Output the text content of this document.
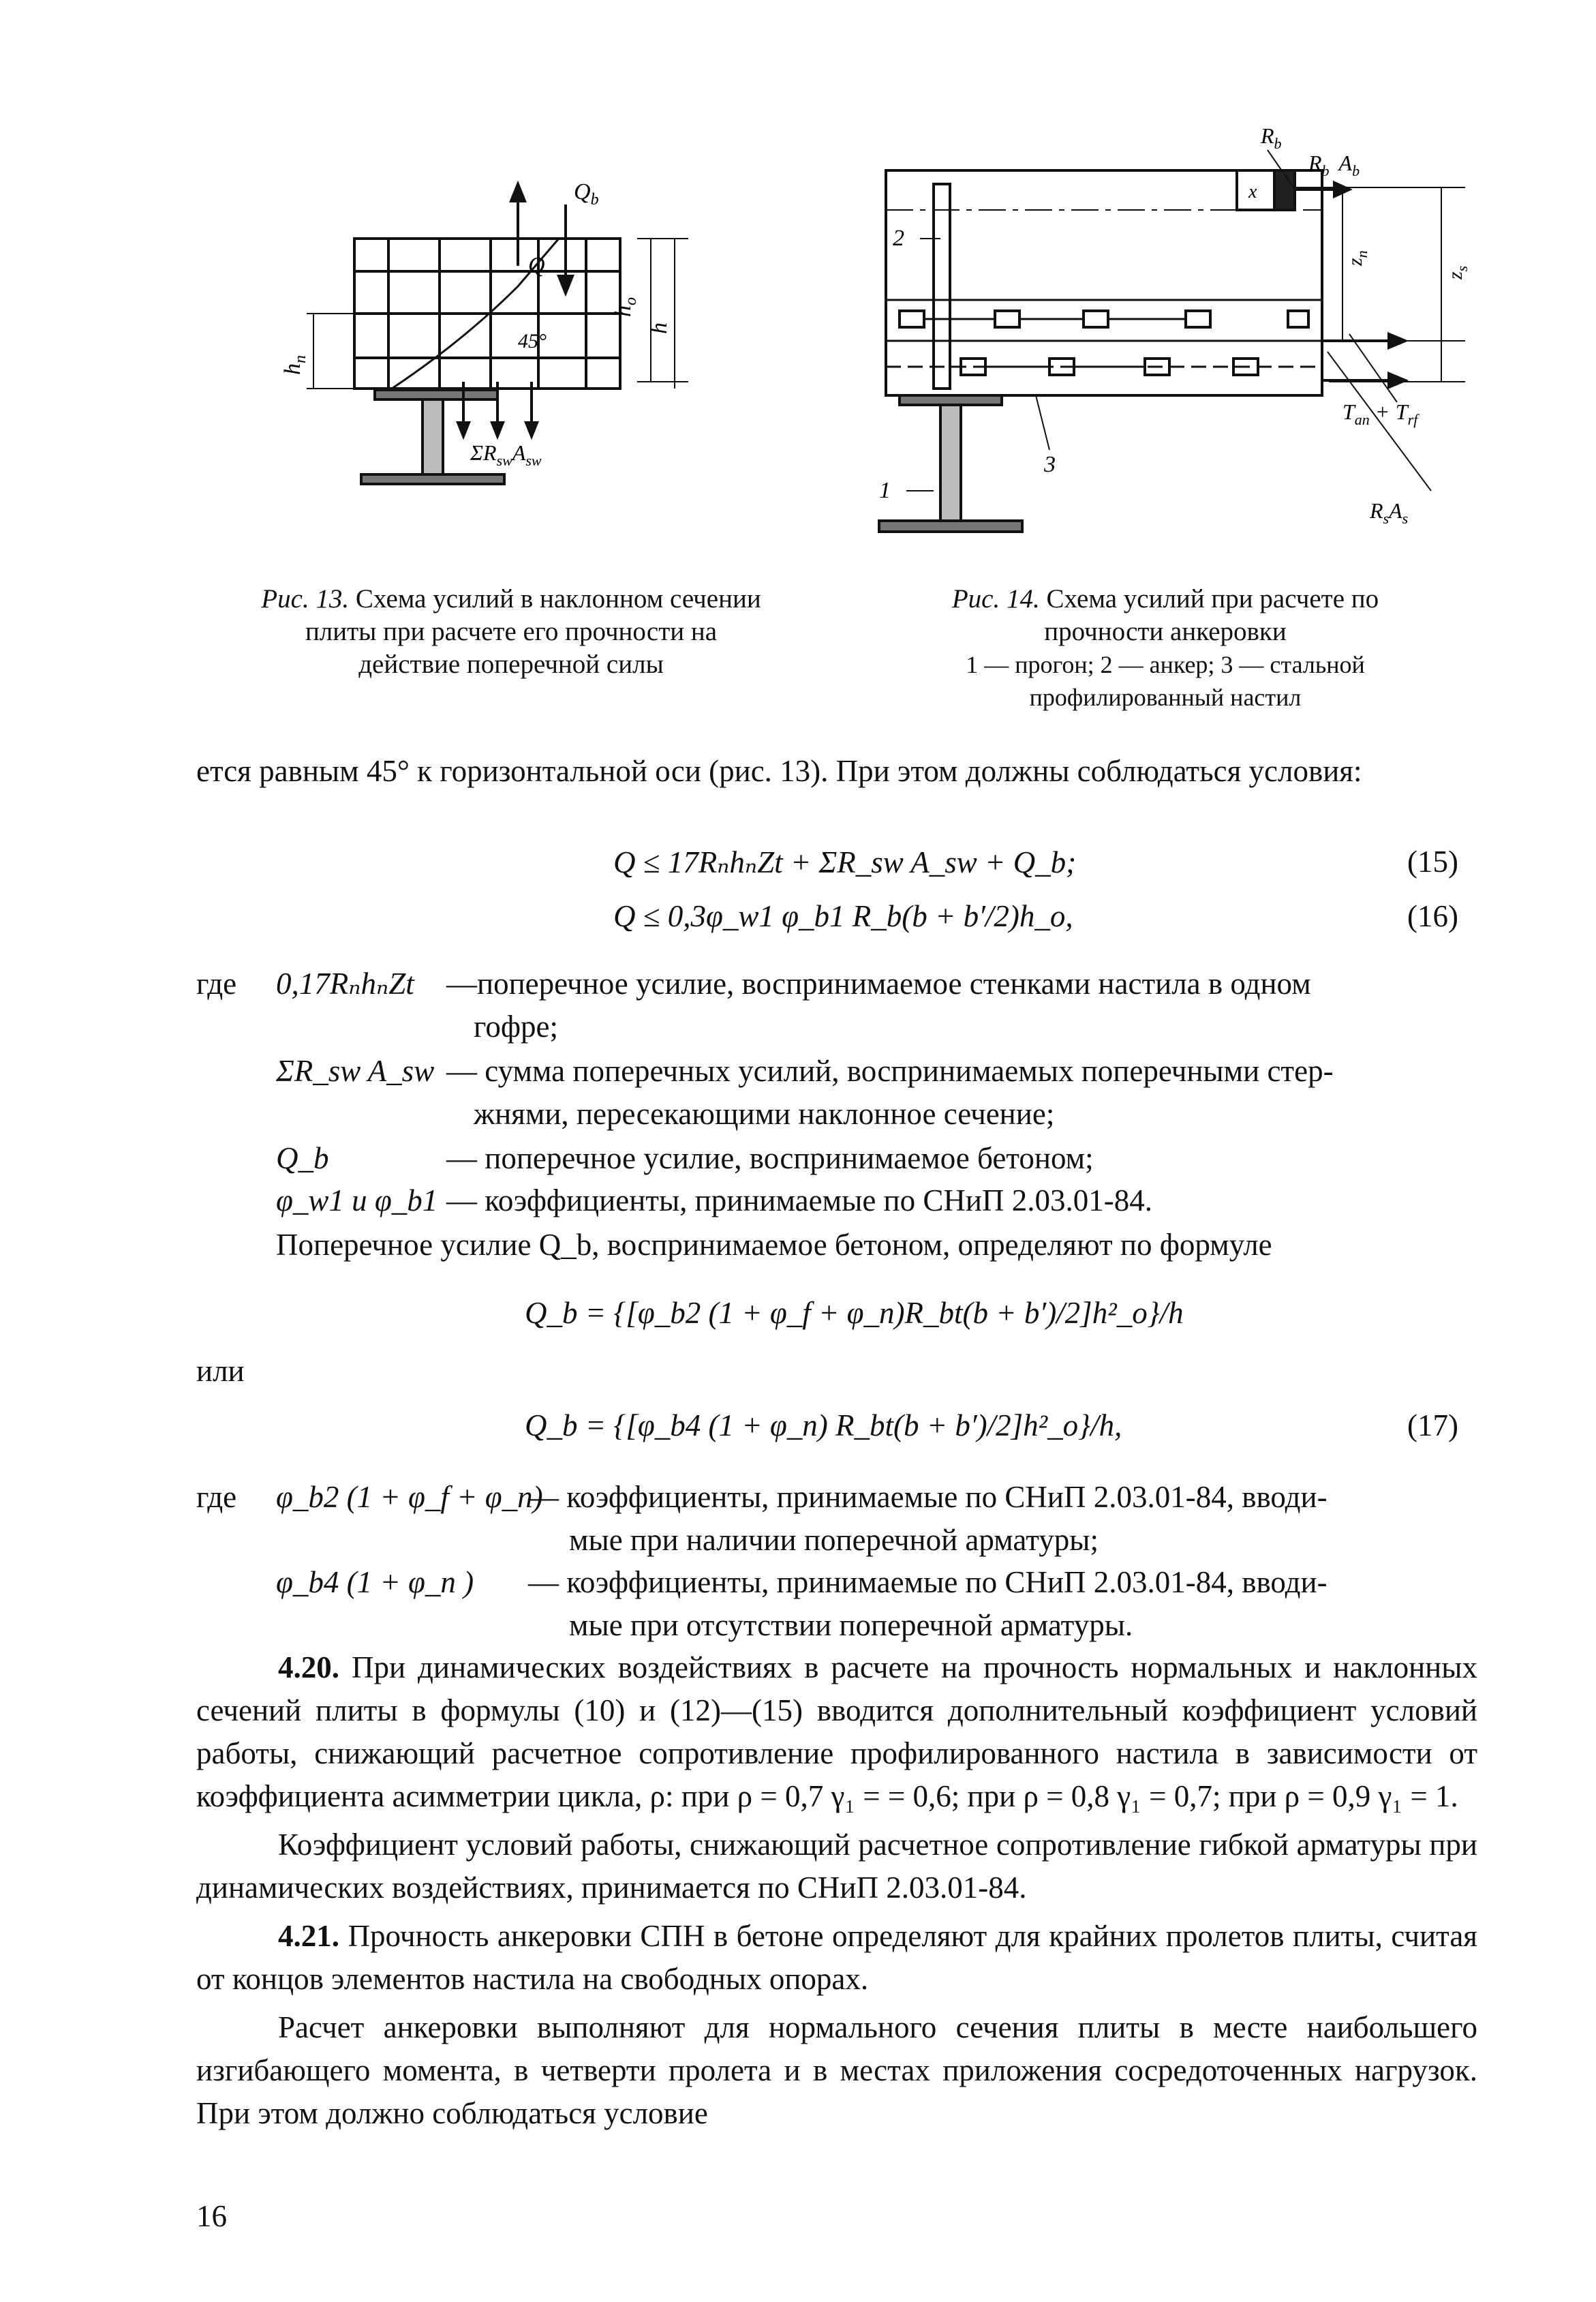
$Q_b$
Q
$h_o$
h
$h_n$
45°
$\Sigma R_{sw}A_{sw}$
$R_b$
$R_b$ $A_b$
x
$z_n$
$z_s$
2
1
3
$T_{an} + T_{rf}$
$R_sA_s$
Рис. 13. Схема усилий в наклонном сечении
плиты при расчете его прочности на
действие поперечной силы
Рис. 14. Схема усилий при расчете по
прочности анкеровки
1 — прогон; 2 — анкер; 3 — стальной
профилированный настил

ется равным 45° к горизонтальной оси (рис. 13). При этом должны соблюдаться условия:

Q ≤ 17RₙhₙZt + ΣR_sw A_sw + Q_b;	(15)
Q ≤ 0,3φ_w1 φ_b1 R_b(b + b′/2)h_o,	(16)
где 0,17RₙhₙZt —поперечное усилие, воспринимаемое стенками настила в одном
гофре;
ΣR_sw A_sw — сумма поперечных усилий, воспринимаемых поперечными стер-
жнями, пересекающими наклонное сечение;
Q_b	— поперечное усилие, воспринимаемое бетоном;
φ_w1 и φ_b1 — коэффициенты, принимаемые по СНиП 2.03.01-84.
Поперечное усилие Q_b, воспринимаемое бетоном, определяют по формуле
Q_b = {[φ_b2 (1 + φ_f + φ_n)R_bt(b + b′)/2]h²_o}/h
или
Q_b = {[φ_b4 (1 + φ_n) R_bt(b + b′)/2]h²_o}/h,	(17)
где φ_b2 (1 + φ_f + φ_n)
— коэффициенты, принимаемые по СНиП 2.03.01-84, вводи-
мые при наличии поперечной арматуры;
φ_b4 (1 + φ_n ) — коэффициенты, принимаемые по СНиП 2.03.01-84, вводи-
мые при отсутствии поперечной арматуры.

4.20. При динамических воздействиях в расчете на прочность нормальных и наклонных сечений плиты в формулы (10) и (12)—(15) вводится дополнительный коэффициент условий работы, снижающий расчетное сопротивление профилированного настила в зависимости от коэффициента асимметрии цикла, ρ: при ρ = 0,7 γ₁ = = 0,6; при ρ = 0,8 γ₁ = 0,7; при ρ = 0,9 γ₁ = 1.

Коэффициент условий работы, снижающий расчетное сопротивление гибкой арматуры при динамических воздействиях, принимается по СНиП 2.03.01-84.

4.21. Прочность анкеровки СПН в бетоне определяют для крайних пролетов плиты, считая от концов элементов настила на свободных опорах.

Расчет анкеровки выполняют для нормального сечения плиты в месте наибольшего изгибающего момента, в четверти пролета и в местах приложения сосредоточенных нагрузок. При этом должно соблюдаться условие

16
